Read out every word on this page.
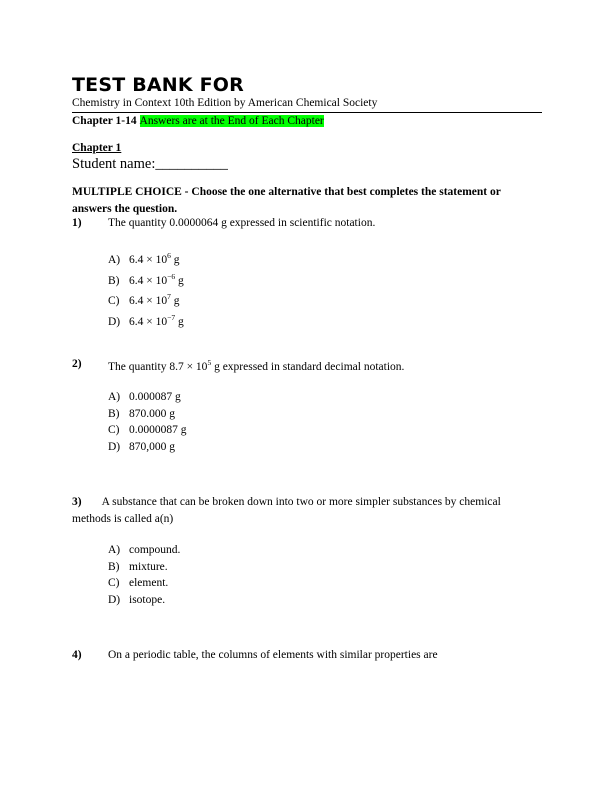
TEST BANK FOR
Chemistry in Context 10th Edition by American Chemical Society
Chapter 1-14 Answers are at the End of Each Chapter
Chapter 1
Student name:__________
MULTIPLE CHOICE - Choose the one alternative that best completes the statement or answers the question.
1) The quantity 0.0000064 g expressed in scientific notation.
A) $6.4 \times 10^6$ g
B) $6.4 \times 10^{-6}$ g
C) $6.4 \times 10^7$ g
D) $6.4 \times 10^{-7}$ g
2) The quantity $8.7 \times 10^5$ g expressed in standard decimal notation.
A) 0.000087 g
B) 870.000 g
C) 0.0000087 g
D) 870,000 g
3) A substance that can be broken down into two or more simpler substances by chemical methods is called a(n)
A) compound.
B) mixture.
C) element.
D) isotope.
4) On a periodic table, the columns of elements with similar properties are
